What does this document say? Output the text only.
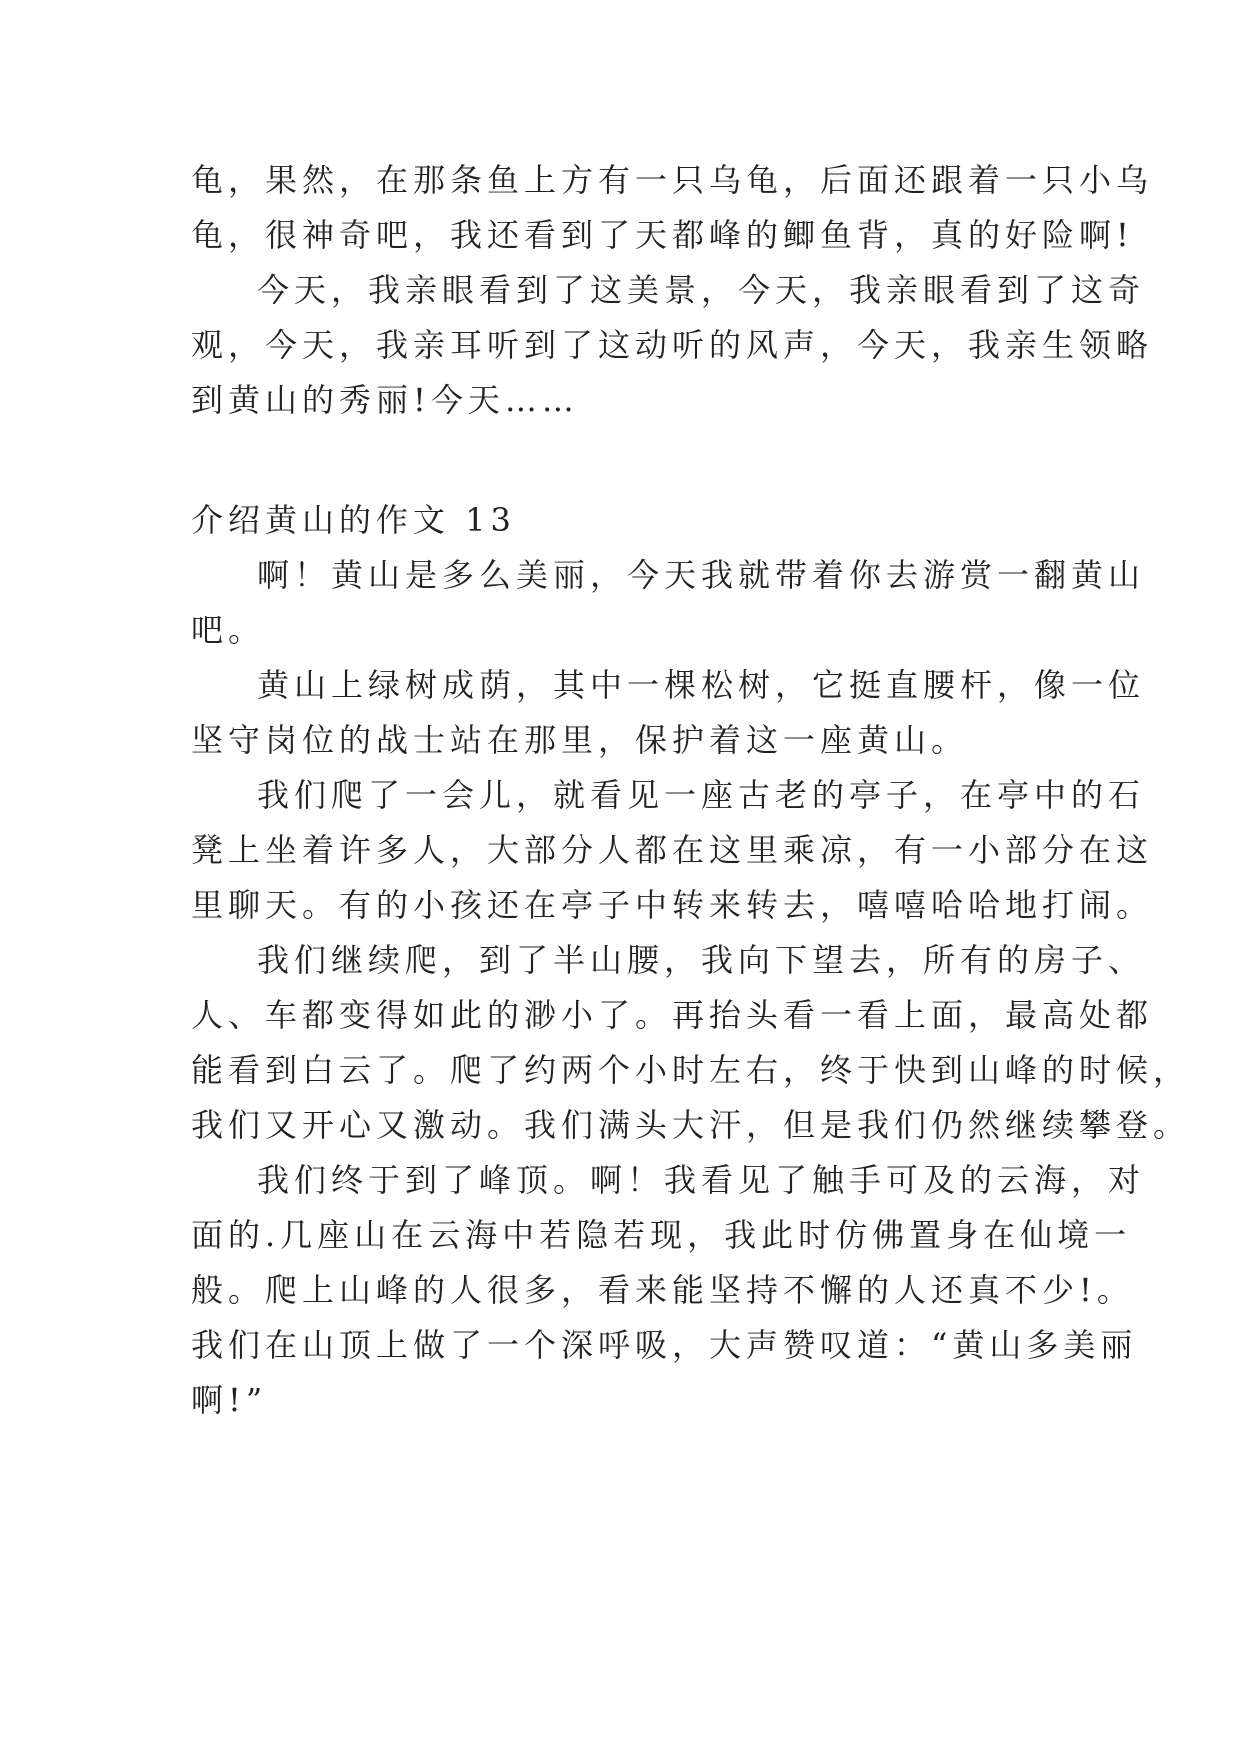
龟，果然，在那条鱼上方有一只乌龟，后面还跟着一只小乌
龟，很神奇吧，我还看到了天都峰的鲫鱼背，真的好险啊!
今天，我亲眼看到了这美景，今天，我亲眼看到了这奇
观，今天，我亲耳听到了这动听的风声，今天，我亲生领略
到黄山的秀丽!今天……
介绍黄山的作文 13
啊！黄山是多么美丽，今天我就带着你去游赏一翻黄山
吧。
黄山上绿树成荫，其中一棵松树，它挺直腰杆，像一位
坚守岗位的战士站在那里，保护着这一座黄山。
我们爬了一会儿，就看见一座古老的亭子，在亭中的石
凳上坐着许多人，大部分人都在这里乘凉，有一小部分在这
里聊天。有的小孩还在亭子中转来转去，嘻嘻哈哈地打闹。
我们继续爬，到了半山腰，我向下望去，所有的房子、
人、车都变得如此的渺小了。再抬头看一看上面，最高处都
能看到白云了。爬了约两个小时左右，终于快到山峰的时候，
我们又开心又激动。我们满头大汗，但是我们仍然继续攀登。
我们终于到了峰顶。啊！我看见了触手可及的云海，对
面的.几座山在云海中若隐若现，我此时仿佛置身在仙境一
般。爬上山峰的人很多，看来能坚持不懈的人还真不少!。
我们在山顶上做了一个深呼吸，大声赞叹道：“黄山多美丽
啊!”
